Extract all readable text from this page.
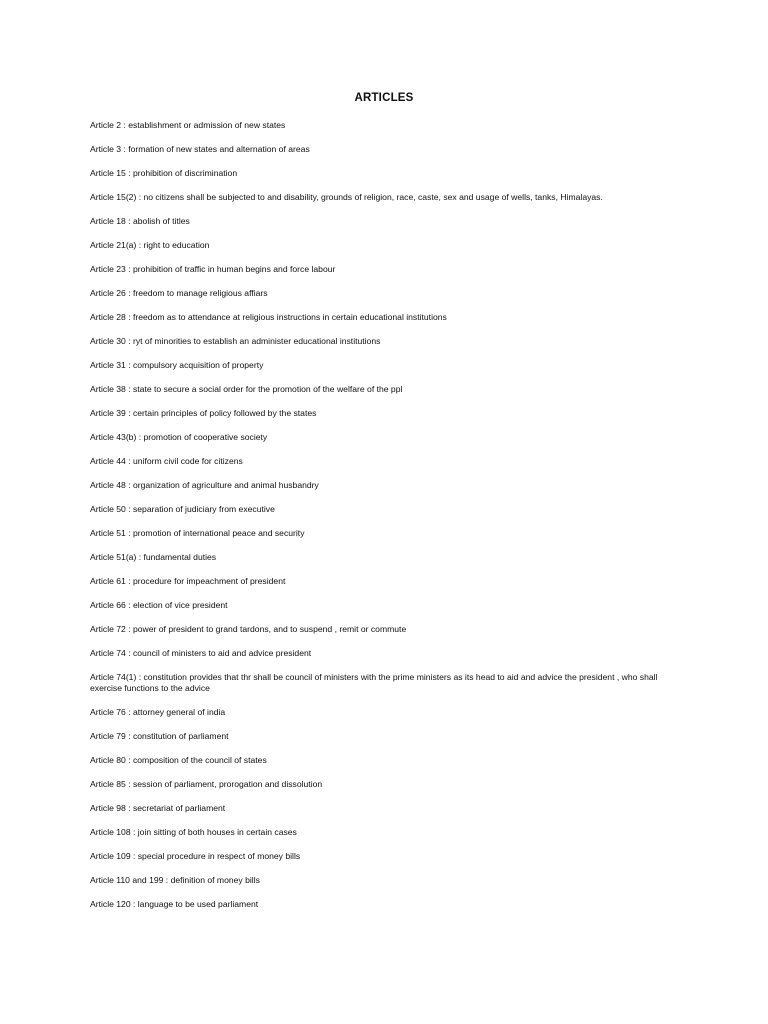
ARTICLES
Article 2 : establishment or admission of new states
Article 3 : formation of new states and alternation of areas
Article 15 : prohibition of discrimination
Article 15(2) : no citizens shall be subjected to and disability, grounds of religion, race, caste, sex and usage of wells, tanks, Himalayas.
Article 18 : abolish of titles
Article 21(a) : right to education
Article 23 : prohibition of traffic in human begins and force labour
Article 26 : freedom to manage religious affiars
Article 28 : freedom as to attendance at religious instructions in certain educational institutions
Article 30 : ryt of minorities to establish an administer educational institutions
Article 31 : compulsory acquisition of property
Article 38 : state to secure a social order for the promotion of the welfare of the ppl
Article 39 : certain principles of policy followed by the states
Article 43(b) : promotion of cooperative society
Article 44 : uniform civil code for citizens
Article 48 : organization of agriculture and animal husbandry
Article 50 : separation of judiciary from executive
Article 51 : promotion of international peace and security
Article 51(a) : fundamental duties
Article 61 : procedure for impeachment of president
Article 66 : election of vice president
Article 72 : power of president to grand tardons, and to suspend , remit or commute
Article 74 : council of ministers to aid and advice president
Article 74(1) : constitution provides that thr shall be council of ministers with the prime ministers as its head to aid and advice the president , who shall exercise functions to the advice
Article 76 : attorney general of india
Article 79 : constitution of parliament
Article 80 : composition of the council of states
Article 85 : session of parliament, prorogation and dissolution
Article 98 : secretariat of parliament
Article 108 : join sitting of both houses in certain cases
Article 109 : special procedure in respect of money bills
Article 110 and 199 : definition of money bills
Article 120 : language to be used parliament
